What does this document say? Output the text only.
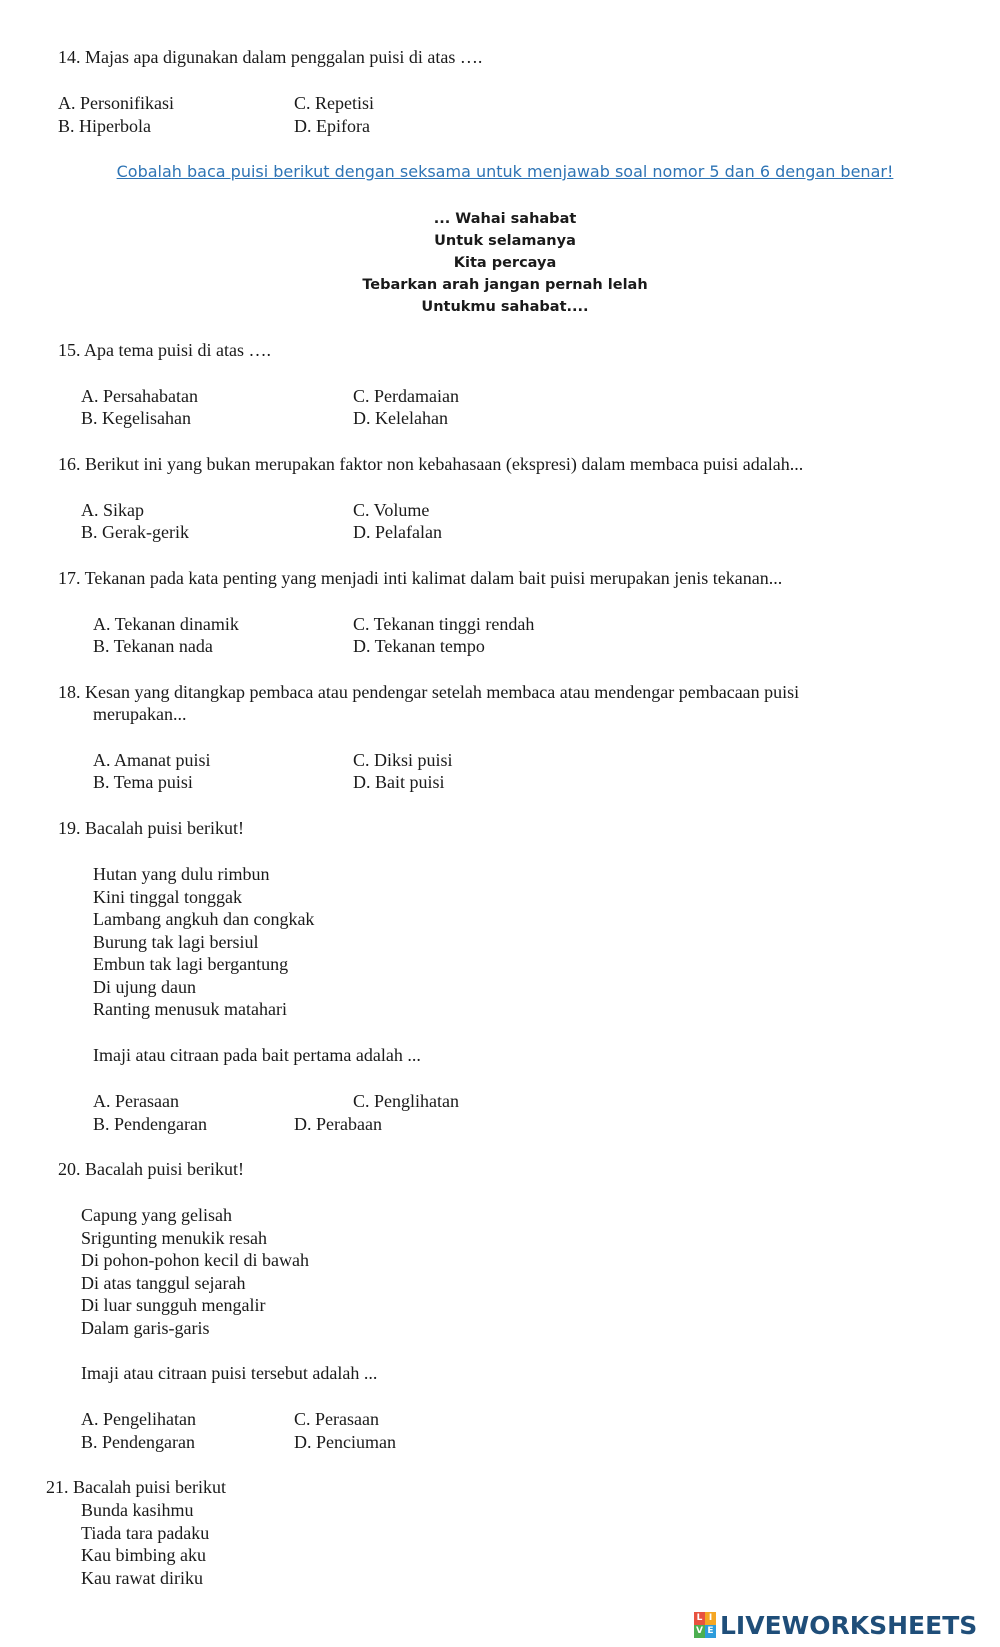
14. Majas apa digunakan dalam penggalan puisi di atas ….
A. Personifikasi	C. Repetisi
B. Hiperbola	D. Epifora
Cobalah baca puisi berikut dengan seksama untuk menjawab soal nomor 5 dan 6 dengan benar!
... Wahai sahabat
Untuk selamanya
Kita percaya
Tebarkan arah jangan pernah lelah
Untukmu sahabat....
15. Apa tema puisi di atas ….
A. Persahabatan	C. Perdamaian
B. Kegelisahan	D. Kelelahan
16. Berikut ini yang bukan merupakan faktor non kebahasaan (ekspresi) dalam membaca puisi adalah...
A. Sikap	C. Volume
B. Gerak-gerik	D. Pelafalan
17. Tekanan pada kata penting yang menjadi inti kalimat dalam bait puisi merupakan jenis tekanan...
A. Tekanan dinamik	C. Tekanan tinggi rendah
B. Tekanan nada	D. Tekanan tempo
18. Kesan yang ditangkap pembaca atau pendengar setelah membaca atau mendengar pembacaan puisi
merupakan...
A. Amanat puisi	C. Diksi puisi
B. Tema puisi	D. Bait puisi
19. Bacalah puisi berikut!
Hutan yang dulu rimbun
Kini tinggal tonggak
Lambang angkuh dan congkak
Burung tak lagi bersiul
Embun tak lagi bergantung
Di ujung daun
Ranting menusuk matahari
Imaji atau citraan pada bait pertama adalah ...
A. Perasaan	C. Penglihatan
B. Pendengaran	D. Perabaan
20. Bacalah puisi berikut!
Capung yang gelisah
Srigunting menukik resah
Di pohon-pohon kecil di bawah
Di atas tanggul sejarah
Di luar sungguh mengalir
Dalam garis-garis
Imaji atau citraan puisi tersebut adalah ...
A. Pengelihatan	C. Perasaan
B. Pendengaran	D. Penciuman
21. Bacalah puisi berikut
Bunda kasihmu
Tiada tara padaku
Kau bimbing aku
Kau rawat diriku
L I
V E LIVEWORKSHEETS
